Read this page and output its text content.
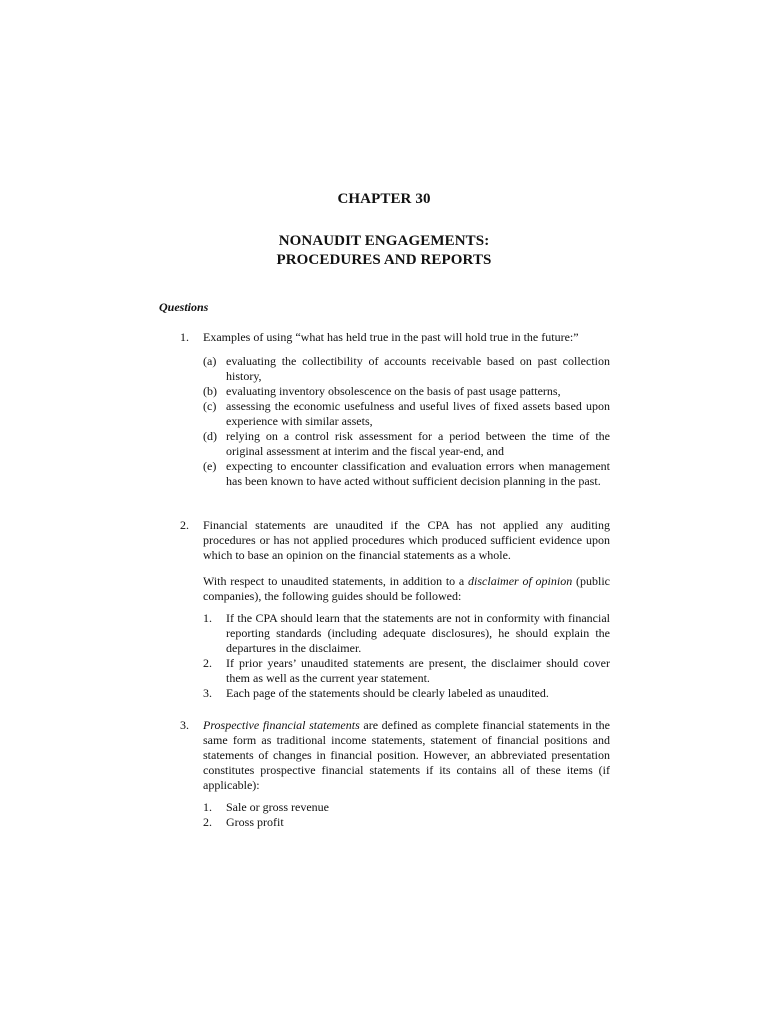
CHAPTER 30
NONAUDIT ENGAGEMENTS:
PROCEDURES AND REPORTS
Questions
1.	Examples of using “what has held true in the past will hold true in the future:”

(a) evaluating the collectibility of accounts receivable based on past collection history,
(b) evaluating inventory obsolescence on the basis of past usage patterns,
(c) assessing the economic usefulness and useful lives of fixed assets based upon experience with similar assets,
(d) relying on a control risk assessment for a period between the time of the original assessment at interim and the fiscal year-end, and
(e) expecting to encounter classification and evaluation errors when management has been known to have acted without sufficient decision planning in the past.
2.	Financial statements are unaudited if the CPA has not applied any auditing procedures or has not applied procedures which produced sufficient evidence upon which to base an opinion on the financial statements as a whole.

With respect to unaudited statements, in addition to a disclaimer of opinion (public companies), the following guides should be followed:

1. If the CPA should learn that the statements are not in conformity with financial reporting standards (including adequate disclosures), he should explain the departures in the disclaimer.
2. If prior years’ unaudited statements are present, the disclaimer should cover them as well as the current year statement.
3. Each page of the statements should be clearly labeled as unaudited.
3.	Prospective financial statements are defined as complete financial statements in the same form as traditional income statements, statement of financial positions and statements of changes in financial position. However, an abbreviated presentation constitutes prospective financial statements if its contains all of these items (if applicable):

1. Sale or gross revenue
2. Gross profit
